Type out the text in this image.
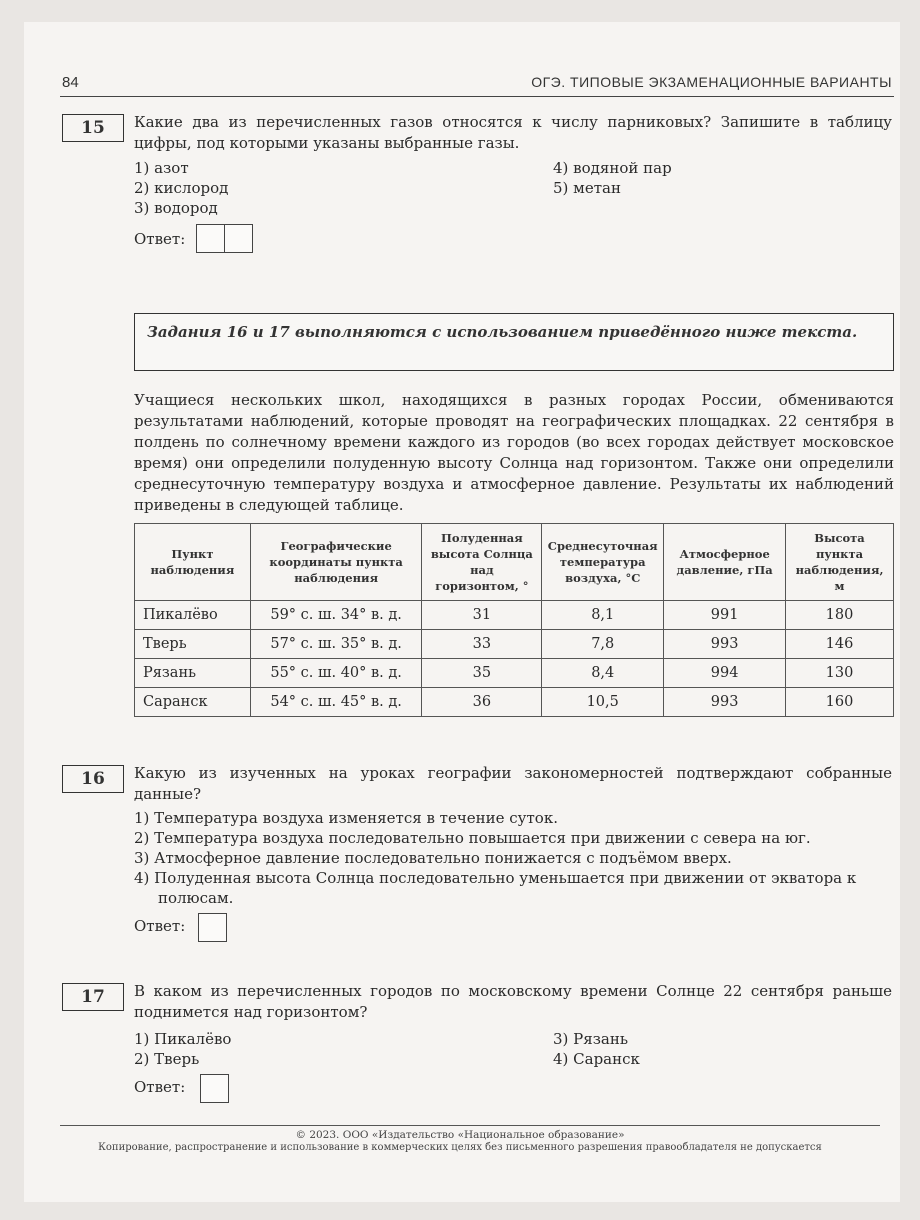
84	ОГЭ. ТИПОВЫЕ ЭКЗАМЕНАЦИОННЫЕ ВАРИАНТЫ
15	Какие два из перечисленных газов относятся к числу парниковых? Запишите в таблицу цифры, под которыми указаны выбранные газы.
1) азот
2) кислород
3) водород
4) водяной пар
5) метан
Ответ:
Задания 16 и 17 выполняются с использованием приведённого ниже текста.
Учащиеся нескольких школ, находящихся в разных городах России, обмениваются результатами наблюдений, которые проводят на географических площадках. 22 сентября в полдень по солнечному времени каждого из городов (во всех городах действует московское время) они определили полуденную высоту Солнца над горизонтом. Также они определили среднесуточную температуру воздуха и атмосферное давление. Результаты их наблюдений приведены в следующей таблице.
Пункт наблюдения	Географические координаты пункта наблюдения	Полуденная высота Солнца над горизонтом, °	Среднесуточная температура воздуха, °С	Атмосферное давление, гПа	Высота пункта наблюдения, м
Пикалёво	59° с. ш. 34° в. д.	31	8,1	991	180
Тверь	57° с. ш. 35° в. д.	33	7,8	993	146
Рязань	55° с. ш. 40° в. д.	35	8,4	994	130
Саранск	54° с. ш. 45° в. д.	36	10,5	993	160
16	Какую из изученных на уроках географии закономерностей подтверждают собранные данные?
1) Температура воздуха изменяется в течение суток.
2) Температура воздуха последовательно повышается при движении с севера на юг.
3) Атмосферное давление последовательно понижается с подъёмом вверх.
4) Полуденная высота Солнца последовательно уменьшается при движении от экватора к полюсам.
Ответ:
17	В каком из перечисленных городов по московскому времени Солнце 22 сентября раньше поднимется над горизонтом?
1) Пикалёво
2) Тверь
3) Рязань
4) Саранск
Ответ:
© 2023. ООО «Издательство «Национальное образование»
Копирование, распространение и использование в коммерческих целях без письменного разрешения правообладателя не допускается
